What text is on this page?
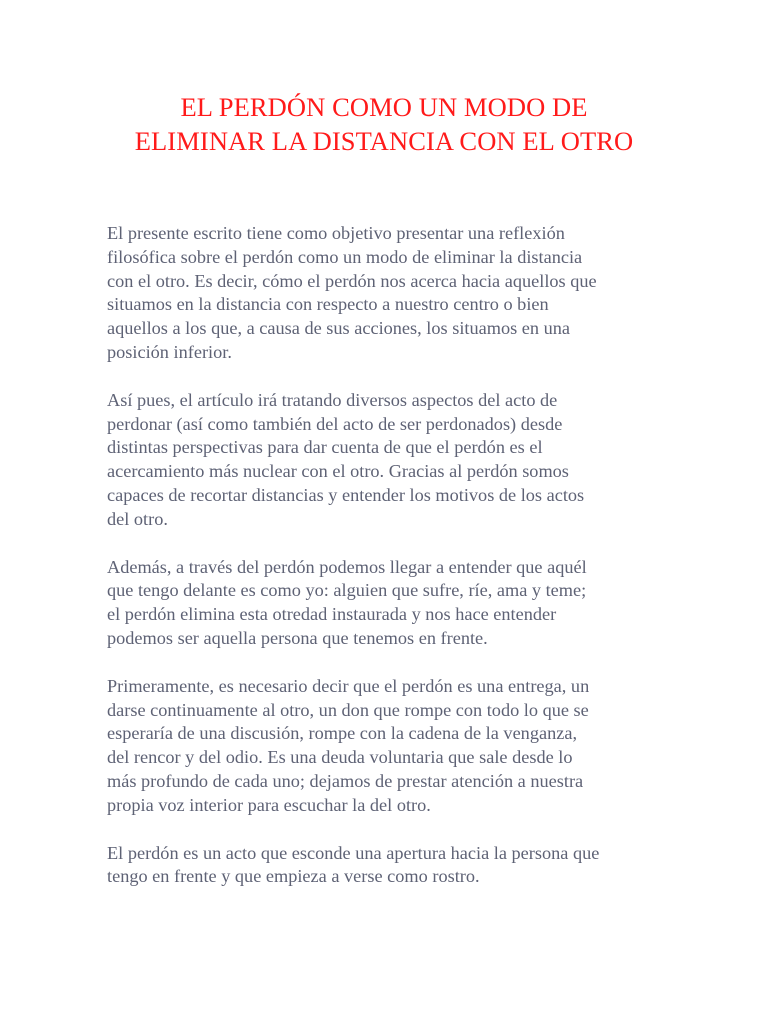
EL PERDÓN COMO UN MODO DE
ELIMINAR LA DISTANCIA CON EL OTRO

El presente escrito tiene como objetivo presentar una reflexión
filosófica sobre el perdón como un modo de eliminar la distancia
con el otro. Es decir, cómo el perdón nos acerca hacia aquellos que
situamos en la distancia con respecto a nuestro centro o bien
aquellos a los que, a causa de sus acciones, los situamos en una
posición inferior.

Así pues, el artículo irá tratando diversos aspectos del acto de
perdonar (así como también del acto de ser perdonados) desde
distintas perspectivas para dar cuenta de que el perdón es el
acercamiento más nuclear con el otro. Gracias al perdón somos
capaces de recortar distancias y entender los motivos de los actos
del otro.

Además, a través del perdón podemos llegar a entender que aquél
que tengo delante es como yo: alguien que sufre, ríe, ama y teme;
el perdón elimina esta otredad instaurada y nos hace entender
podemos ser aquella persona que tenemos en frente.

Primeramente, es necesario decir que el perdón es una entrega, un
darse continuamente al otro, un don que rompe con todo lo que se
esperaría de una discusión, rompe con la cadena de la venganza,
del rencor y del odio. Es una deuda voluntaria que sale desde lo
más profundo de cada uno; dejamos de prestar atención a nuestra
propia voz interior para escuchar la del otro.

El perdón es un acto que esconde una apertura hacia la persona que
tengo en frente y que empieza a verse como rostro.
